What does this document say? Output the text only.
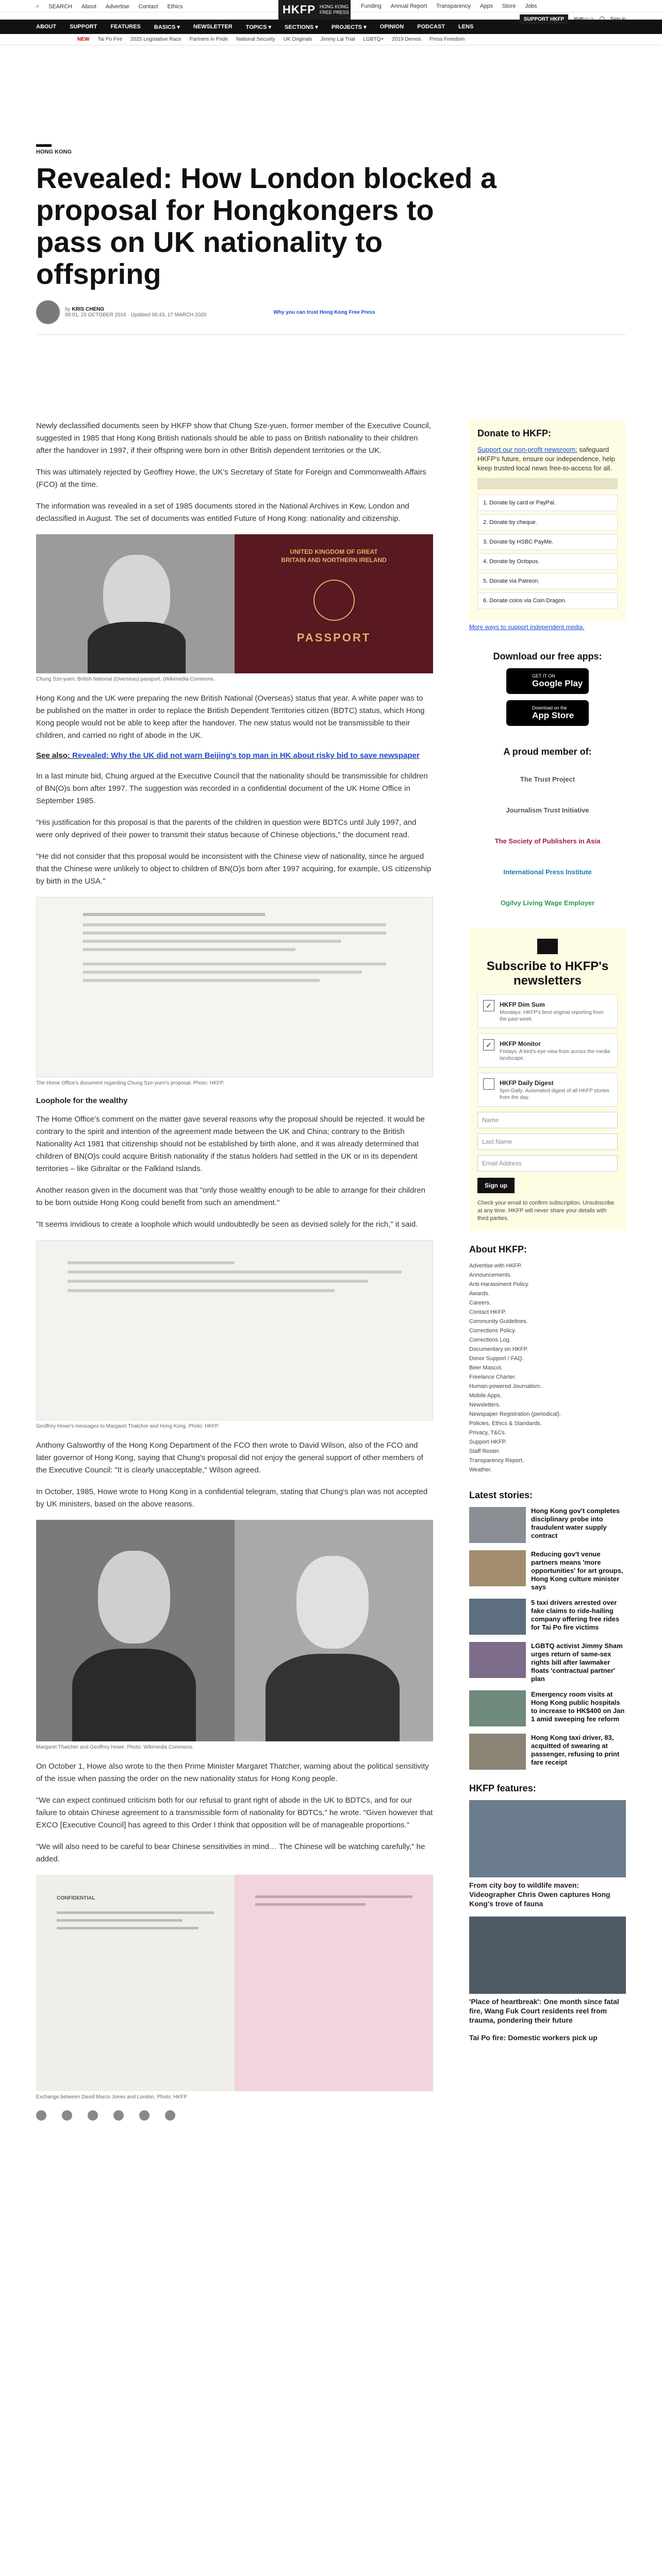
⌕ SEARCH About Advertise Contact Ethics	HKFP HONG KONG FREE PRESS
Funding Annual Report Transparency Apps Store Jobs
SUPPORT HKFP	繁體中文 ◯ Sign in
ABOUT SUPPORT FEATURES BASICS ▾ NEWSLETTER TOPICS ▾ SECTIONS ▾ PROJECTS ▾ OPINION PODCAST LENS
NEW Tai Po Fire 2025 Legislative Race Partners in Pride National Security UK Originals Jimmy Lai Trial LGBTQ+ 2019 Demos Press Freedom
HONG KONG
Revealed: How London blocked a proposal for Hongkongers to pass on UK nationality to offspring
by KRIS CHENG
09:01, 23 OCTOBER 2016 · Updated 06:43, 17 MARCH 2020	Why you can trust Hong Kong Free Press

Newly declassified documents seen by HKFP show that Chung Sze-yuen, former member of the Executive Council, suggested in 1985 that Hong Kong British nationals should be able to pass on British nationality to their children after the handover in 1997, if their offspring were born in other British dependent territories or the UK.

This was ultimately rejected by Geoffrey Howe, the UK's Secretary of State for Foreign and Commonwealth Affairs (FCO) at the time.

The information was revealed in a set of 1985 documents stored in the National Archives in Kew, London and declassified in August. The set of documents was entitled Future of Hong Kong: nationality and citizenship.

UNITED KINGDOM OF GREAT BRITAIN AND NORTHERN IRELAND
PASSPORT
Chung Sze-yuen; British National (Overseas) passport. (Wikimedia Commons.

Hong Kong and the UK were preparing the new British National (Overseas) status that year. A white paper was to be published on the matter in order to replace the British Dependent Territories citizen (BDTC) status, which Hong Kong people would not be able to keep after the handover. The new status would not be transmissible to their children, and carried no right of abode in the UK.

See also: Revealed: Why the UK did not warn Beijing's top man in HK about risky bid to save newspaper

In a last minute bid, Chung argued at the Executive Council that the nationality should be transmissible for children of BN(O)s born after 1997. The suggestion was recorded in a confidential document of the UK Home Office in September 1985.

"His justification for this proposal is that the parents of the children in question were BDTCs until July 1997, and were only deprived of their power to transmit their status because of Chinese objections," the document read.

"He did not consider that this proposal would be inconsistent with the Chinese view of nationality, since he argued that the Chinese were unlikely to object to children of BN(O)s born after 1997 acquiring, for example, US citizenship by birth in the USA."

The Home Office's document regarding Chung Sze-yuen's proposal. Photo: HKFP.
Loophole for the wealthy

The Home Office's comment on the matter gave several reasons why the proposal should be rejected. It would be contrary to the spirit and intention of the agreement made between the UK and China; contrary to the British Nationality Act 1981 that citizenship should not be established by birth alone, and it was already determined that children of BN(O)s could acquire British nationality if the status holders had settled in the UK or in its dependent territories – like Gibraltar or the Falkland Islands.

Another reason given in the document was that "only those wealthy enough to be able to arrange for their children to be born outside Hong Kong could benefit from such an amendment."

"It seems invidious to create a loophole which would undoubtedly be seen as devised solely for the rich," it said.

Geoffrey Howe's messages to Margaret Thatcher and Hong Kong. Photo: HKFP.

Anthony Galsworthy of the Hong Kong Department of the FCO then wrote to David Wilson, also of the FCO and later governor of Hong Kong, saying that Chung's proposal did not enjoy the general support of other members of the Executive Council: "It is clearly unacceptable," Wilson agreed.

In October, 1985, Howe wrote to Hong Kong in a confidential telegram, stating that Chung's plan was not accepted by UK ministers, based on the above reasons.

Margaret Thatcher and Geoffrey Howe. Photo: Wikimedia Commons.

On October 1, Howe also wrote to the then Prime Minister Margaret Thatcher, warning about the political sensitivity of the issue when passing the order on the new nationality status for Hong Kong people.

"We can expect continued criticism both for our refusal to grant right of abode in the UK to BDTCs, and for our failure to obtain Chinese agreement to a transmissible form of nationality for BDTCs," he wrote. "Given however that EXCO [Executive Council] has agreed to this Order I think that opposition will be of manageable proportions."

"We will also need to be careful to bear Chinese sensitivities in mind… The Chinese will be watching carefully," he added.

CONFIDENTIAL
Exchange between David Marco Jones and London. Photo: HKFP
Donate to HKFP:

Support our non-profit newsroom: safeguard HKFP's future, ensure our independence, help keep trusted local news free-to-access for all.

1. Donate by card or PayPal.
2. Donate by cheque.
3. Donate by HSBC PayMe.
4. Donate by Octopus.
5. Donate via Patreon.
6. Donate coins via Coin Dragon.
More ways to support independent media.
Download our free apps:
GET IT ON
Google Play
Download on the
App Store
A proud member of:
The Trust Project
Journalism Trust Initiative
The Society of Publishers in Asia
International Press Institute
Ogilvy Living Wage Employer
Subscribe to HKFP's newsletters
✓	HKFP Dim Sum
Mondays: HKFP's best original reporting from the past week.
✓	HKFP Monitor
Fridays: A bird's-eye view from across the media landscape.
HKFP Daily Digest
5pm Daily: Automated digest of all HKFP stories from the day.
Name
Last Name
Email Address
Sign up

Check your email to confirm subscription. Unsubscribe at any time. HKFP will never share your details with third parties.

About HKFP:
Advertise with HKFP.
Announcements.
Anti-Harassment Policy.
Awards.
Careers.
Contact HKFP.
Community Guidelines.
Corrections Policy.
Corrections Log.
Documentary on HKFP.
Donor Support / FAQ.
Beer Mascot.
Freelance Charter.
Human-powered Journalism.
Mobile Apps.
Newsletters.
Newspaper Registration (periodical).
Policies, Ethics & Standards.
Privacy, T&Cs.
Support HKFP.
Staff Roster.
Transparency Report.
Weather.
Latest stories:
Hong Kong gov't completes disciplinary probe into fraudulent water supply contract
Reducing gov't venue partners means 'more opportunities' for art groups, Hong Kong culture minister says
5 taxi drivers arrested over fake claims to ride-hailing company offering free rides for Tai Po fire victims
LGBTQ activist Jimmy Sham urges return of same-sex rights bill after lawmaker floats 'contractual partner' plan
Emergency room visits at Hong Kong public hospitals to increase to HK$400 on Jan 1 amid sweeping fee reform
Hong Kong taxi driver, 83, acquitted of swearing at passenger, refusing to print fare receipt
HKFP features:
From city boy to wildlife maven: Videographer Chris Owen captures Hong Kong's trove of fauna
'Place of heartbreak': One month since fatal fire, Wang Fuk Court residents reel from trauma, pondering their future
Tai Po fire: Domestic workers pick up
